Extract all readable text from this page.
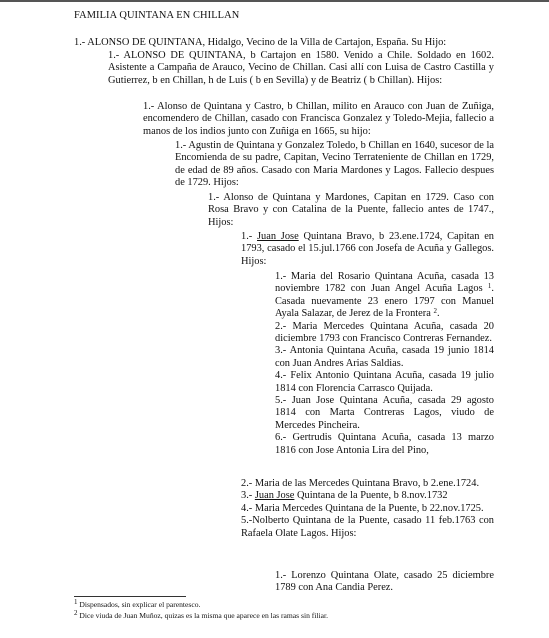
FAMILIA QUINTANA EN CHILLAN
1.- ALONSO DE QUINTANA, Hidalgo, Vecino de la Villa de Cartajon, España. Su Hijo:
1.- ALONSO DE QUINTANA, b Cartajon en 1580. Venido a Chile. Soldado en 1602. Asistente a Campaña de Arauco, Vecino de Chillan. Casi allí con Luisa de Castro Castilla y Gutierrez, b en Chillan, h de Luis ( b en Sevilla) y de Beatriz ( b Chillan). Hijos:
1.- Alonso de Quintana y Castro, b Chillan, milito en Arauco con Juan de Zuñiga, encomendero de Chillan, casado con Francisca Gonzalez y Toledo-Mejia, fallecio a manos de los indios junto con Zuñiga en 1665, su hijo:
1.- Agustin de Quintana y Gonzalez Toledo, b Chillan en 1640, sucesor de la Encomienda de su padre, Capitan, Vecino Terrateniente de Chillan en 1729, de edad de 89 años. Casado con Maria Mardones y Lagos. Fallecio despues de 1729. Hijos:
1.- Alonso de Quintana y Mardones, Capitan en 1729. Caso con Rosa Bravo y con Catalina de la Puente, fallecio antes de 1747., Hijos:
1.- Juan Jose Quintana Bravo, b 23.ene.1724, Capitan en 1793, casado el 15.jul.1766 con Josefa de Acuña y Gallegos. Hijos:

1.- Maria del Rosario Quintana Acuña, casada 13 noviembre 1782 con Juan Angel Acuña Lagos $^1$. Casada nuevamente 23 enero 1797 con Manuel Ayala Salazar, de Jerez de la Frontera $^2$.

2.- Maria Mercedes Quintana Acuña, casada 20 diciembre 1793 con Francisco Contreras Fernandez.

3.- Antonia Quintana Acuña, casada 19 junio 1814 con Juan Andres Arias Saldias.

4.- Felix Antonio Quintana Acuña, casada 19 julio 1814 con Florencia Carrasco Quijada.

5.- Juan Jose Quintana Acuña, casada 29 agosto 1814 con Marta Contreras Lagos, viudo de Mercedes Pincheira.

6.- Gertrudis Quintana Acuña, casada 13 marzo 1816 con Jose Antonia Lira del Pino,

2.- Maria de las Mercedes Quintana Bravo, b 2.ene.1724.

3.- Juan Jose Quintana de la Puente, b 8.nov.1732

4.- Maria Mercedes Quintana de la Puente, b 22.nov.1725.

5.-Nolberto Quintana de la Puente, casado 11 feb.1763 con Rafaela Olate Lagos. Hijos:

1.- Lorenzo Quintana Olate, casado 25 diciembre 1789 con Ana Candia Perez.
$^1$ Dispensados, sin explicar el parentesco.
$^2$ Dice viuda de Juan Muñoz, quizas es la misma que aparece en las ramas sin filiar.
